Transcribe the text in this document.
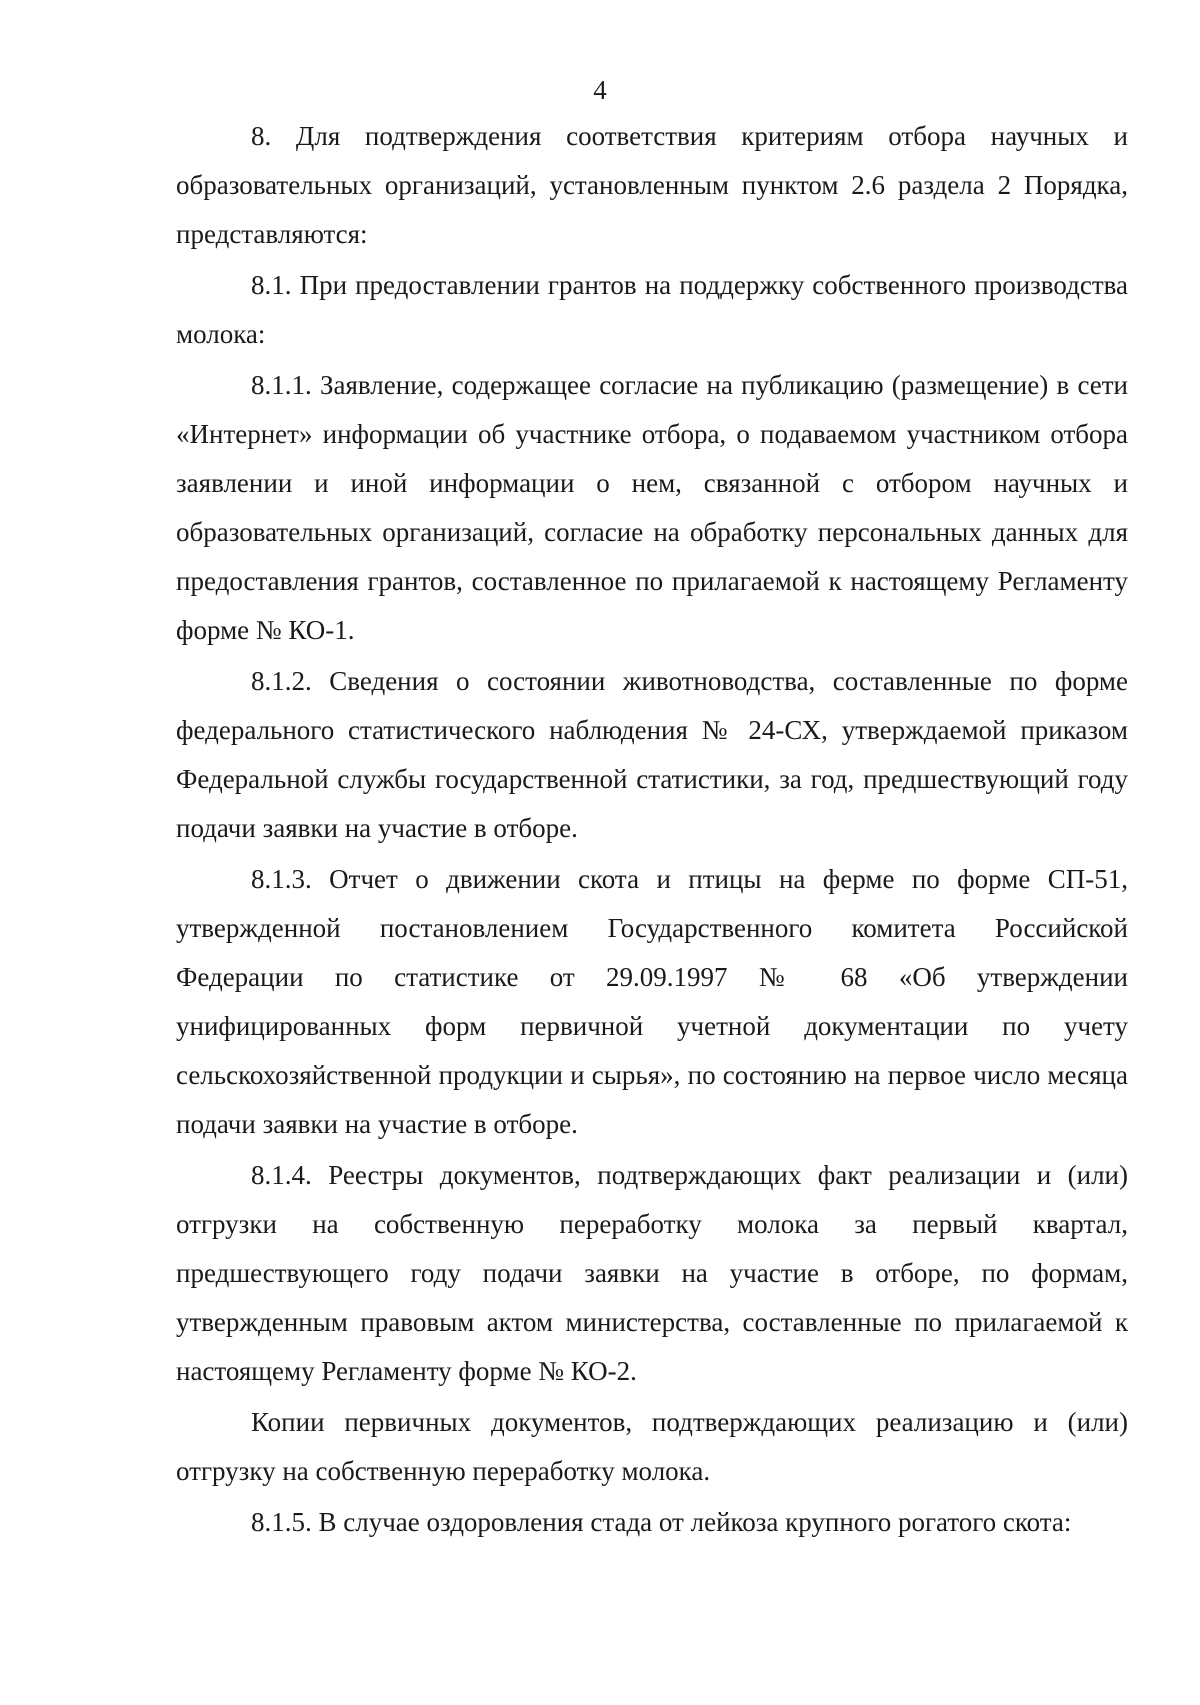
4

8. Для подтверждения соответствия критериям отбора научных и образовательных организаций, установленным пунктом 2.6 раздела 2 Порядка, представляются:

8.1. При предоставлении грантов на поддержку собственного производства молока:

8.1.1. Заявление, содержащее согласие на публикацию (размещение) в сети «Интернет» информации об участнике отбора, о подаваемом участником отбора заявлении и иной информации о нем, связанной с отбором научных и образовательных организаций, согласие на обработку персональных данных для предоставления грантов, составленное по прилагаемой к настоящему Регламенту форме № КО-1.

8.1.2. Сведения о состоянии животноводства, составленные по форме федерального статистического наблюдения № 24-СХ, утверждаемой приказом Федеральной службы государственной статистики, за год, предшествующий году подачи заявки на участие в отборе.

8.1.3. Отчет о движении скота и птицы на ферме по форме СП-51, утвержденной постановлением Государственного комитета Российской Федерации по статистике от 29.09.1997 № 68 «Об утверждении унифицированных форм первичной учетной документации по учету сельскохозяйственной продукции и сырья», по состоянию на первое число месяца подачи заявки на участие в отборе.

8.1.4. Реестры документов, подтверждающих факт реализации и (или) отгрузки на собственную переработку молока за первый квартал, предшествующего году подачи заявки на участие в отборе, по формам, утвержденным правовым актом министерства, составленные по прилагаемой к настоящему Регламенту форме № КО-2.

Копии первичных документов, подтверждающих реализацию и (или) отгрузку на собственную переработку молока.

8.1.5. В случае оздоровления стада от лейкоза крупного рогатого скота:
